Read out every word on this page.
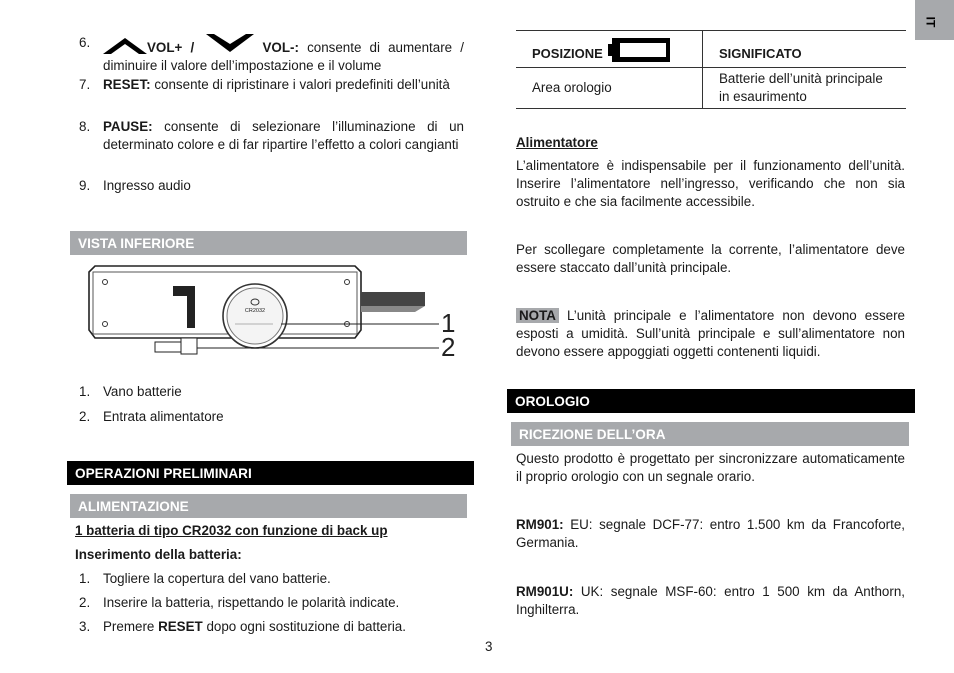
IT
6.	VOL+ /	VOL-: consente di aumentare / diminuire il valore dell’impostazione e il volume
7. RESET: consente di ripristinare i valori predefiniti dell’unità
8. PAUSE: consente di selezionare l’illuminazione di un determinato colore e di far ripartire l’effetto a colori cangianti
9. Ingresso audio
VISTA INFERIORE
CR2032	1
2
1. Vano batterie
2. Entrata alimentatore
OPERAZIONI PRELIMINARI
ALIMENTAZIONE
1 batteria di tipo CR2032 con funzione di back up
Inserimento della batteria:
1. Togliere la copertura del vano batterie.
2. Inserire la batteria, rispettando le polarità indicate.
3. Premere RESET dopo ogni sostituzione di batteria.
3
POSIZIONE	SIGNIFICATO
Area orologio	Batterie dell’unità principale in esaurimento
Alimentatore
L’alimentatore è indispensabile per il funzionamento dell’unità. Inserire l’alimentatore nell’ingresso, verificando che non sia ostruito e che sia facilmente accessibile.
Per scollegare completamente la corrente, l’alimentatore deve essere staccato dall’unità principale.
NOTA L’unità principale e l’alimentatore non devono essere esposti a umidità. Sull’unità principale e sull’alimentatore non devono essere appoggiati oggetti contenenti liquidi.
OROLOGIO
RICEZIONE DELL’ORA
Questo prodotto è progettato per sincronizzare automaticamente il proprio orologio con un segnale orario.
RM901: EU: segnale DCF-77: entro 1.500 km da Francoforte, Germania.
RM901U: UK: segnale MSF-60: entro 1 500 km da Anthorn, Inghilterra.
